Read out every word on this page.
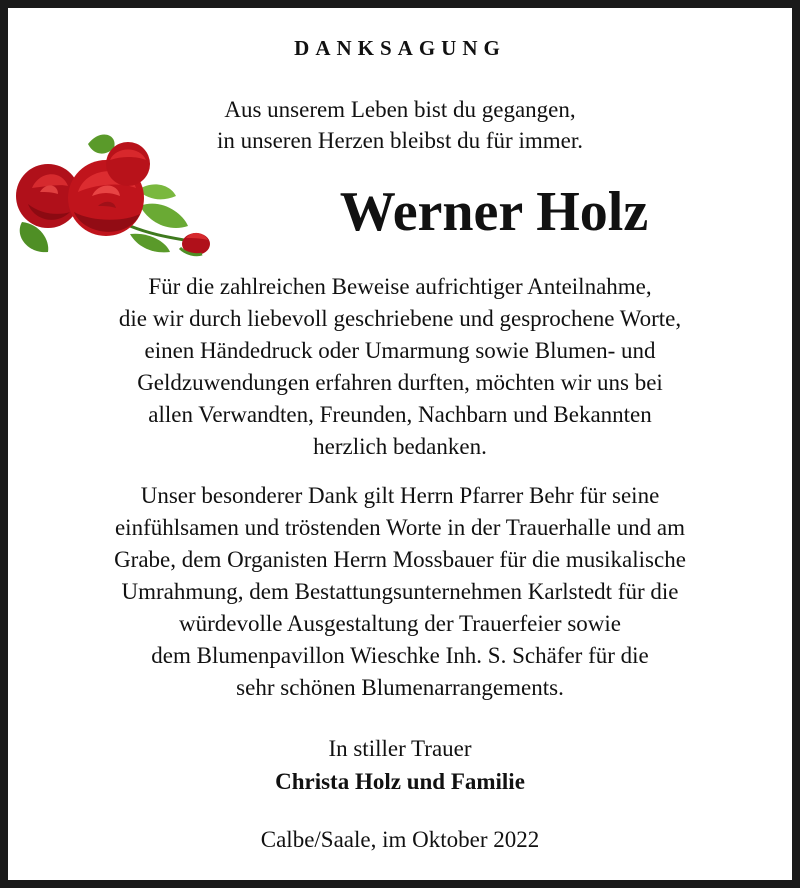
DANKSAGUNG
Aus unserem Leben bist du gegangen,
in unseren Herzen bleibst du für immer.
Werner Holz
Für die zahlreichen Beweise aufrichtiger Anteilnahme,
die wir durch liebevoll geschriebene und gesprochene Worte,
einen Händedruck oder Umarmung sowie Blumen- und
Geldzuwendungen erfahren durften, möchten wir uns bei
allen Verwandten, Freunden, Nachbarn und Bekannten
herzlich bedanken.
Unser besonderer Dank gilt Herrn Pfarrer Behr für seine
einfühlsamen und tröstenden Worte in der Trauerhalle und am
Grabe, dem Organisten Herrn Mossbauer für die musikalische
Umrahmung, dem Bestattungsunternehmen Karlstedt für die
würdevolle Ausgestaltung der Trauerfeier sowie
dem Blumenpavillon Wieschke Inh. S. Schäfer für die
sehr schönen Blumenarrangements.
In stiller Trauer
Christa Holz und Familie
Calbe/Saale, im Oktober 2022
